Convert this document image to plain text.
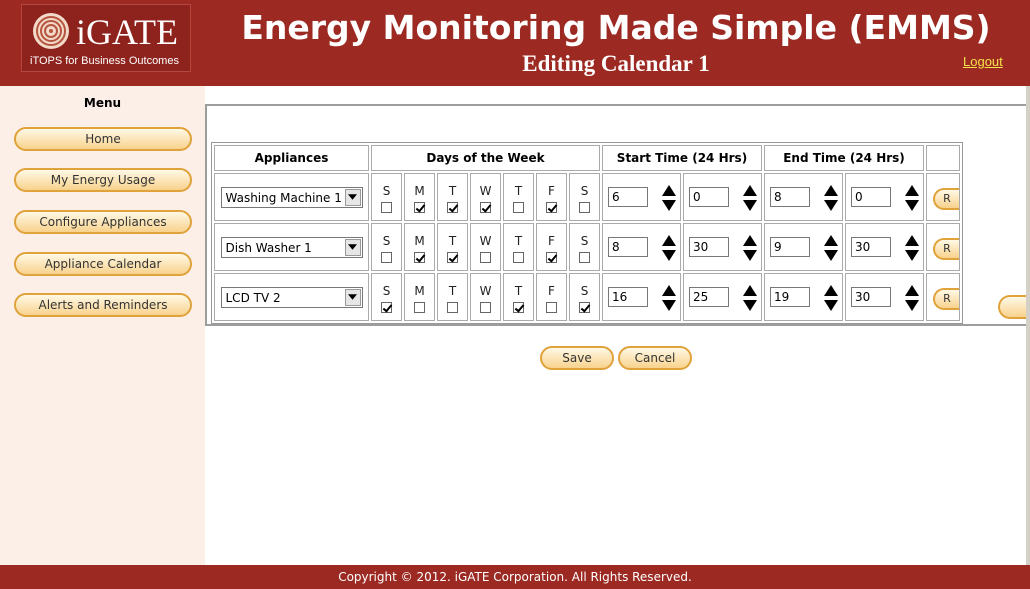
iGATE
iTOPS for Business Outcomes
Energy Monitoring Made Simple (EMMS)
Editing Calendar 1	Logout
Menu
Home
My Energy Usage
Configure Appliances
Appliance Calendar
Alerts and Reminders
Appliances	Days of the Week							Start Time (24 Hrs)		End Time (24 Hrs)		

Washing Machine 1	S	M	T	W	T	F	S	6	0	8	0	R

Dish Washer 1	S	M	T	W	T	F	S	8	30	9	30	R

LCD TV 2	S	M	T	W	T	F	S	16	25	19	30	R
Save	Cancel
Copyright © 2012. iGATE Corporation. All Rights Reserved.
